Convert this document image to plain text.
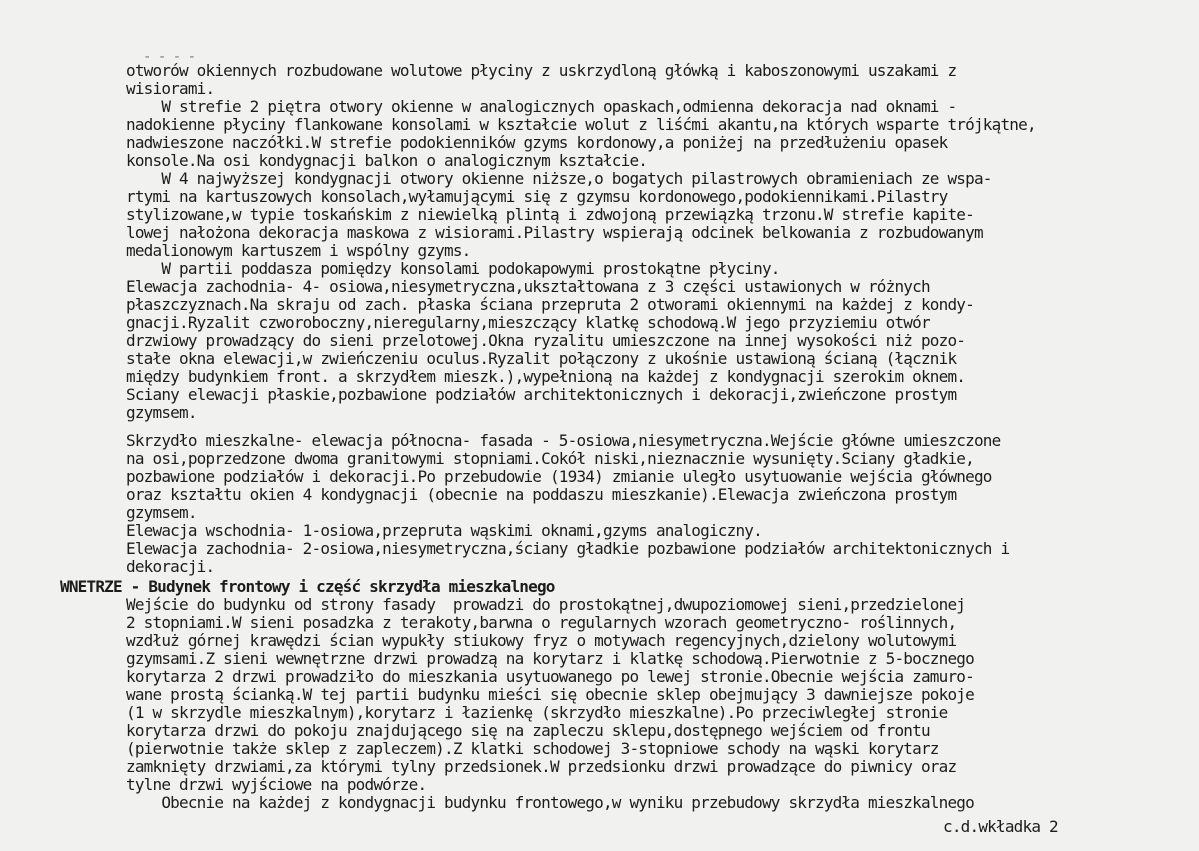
- - - -
otworów okiennych rozbudowane wolutowe płyciny z uskrzydloną główką i kaboszonowymi uszakami z
wisiorami.
W strefie 2 piętra otwory okienne w analogicznych opaskach,odmienna dekoracja nad oknami -
nadokienne płyciny flankowane konsolami w kształcie wolut z liśćmi akantu,na których wsparte trójkątne,
nadwieszone naczółki.W strefie podokienników gzyms kordonowy,a poniżej na przedłużeniu opasek
konsole.Na osi kondygnacji balkon o analogicznym kształcie.
W 4 najwyższej kondygnacji otwory okienne niższe,o bogatych pilastrowych obramieniach ze wspa-
rtymi na kartuszowych konsolach,wyłamującymi się z gzymsu kordonowego,podokiennikami.Pilastry
stylizowane,w typie toskańskim z niewielką plintą i zdwojoną przewiązką trzonu.W strefie kapite-
lowej nałożona dekoracja maskowa z wisiorami.Pilastry wspierają odcinek belkowania z rozbudowanym
medalionowym kartuszem i wspólny gzyms.
W partii poddasza pomiędzy konsolami podokapowymi prostokątne płyciny.
Elewacja zachodnia- 4- osiowa,niesymetryczna,ukształtowana z 3 części ustawionych w różnych
płaszczyznach.Na skraju od zach. płaska ściana przepruta 2 otworami okiennymi na każdej z kondy-
gnacji.Ryzalit czworoboczny,nieregularny,mieszczący klatkę schodową.W jego przyziemiu otwór
drzwiowy prowadzący do sieni przelotowej.Okna ryzalitu umieszczone na innej wysokości niż pozo-
stałe okna elewacji,w zwieńczeniu oculus.Ryzalit połączony z ukośnie ustawioną ścianą (łącznik
między budynkiem front. a skrzydłem mieszk.),wypełnioną na każdej z kondygnacji szerokim oknem.
Sciany elewacji płaskie,pozbawione podziałów architektonicznych i dekoracji,zwieńczone prostym
gzymsem.
Skrzydło mieszkalne- elewacja północna- fasada - 5-osiowa,niesymetryczna.Wejście główne umieszczone
na osi,poprzedzone dwoma granitowymi stopniami.Cokół niski,nieznacznie wysunięty.Sciany gładkie,
pozbawione podziałów i dekoracji.Po przebudowie (1934) zmianie uległo usytuowanie wejścia głównego
oraz kształtu okien 4 kondygnacji (obecnie na poddaszu mieszkanie).Elewacja zwieńczona prostym
gzymsem.
Elewacja wschodnia- 1-osiowa,przepruta wąskimi oknami,gzyms analogiczny.
Elewacja zachodnia- 2-osiowa,niesymetryczna,ściany gładkie pozbawione podziałów architektonicznych i
dekoracji.
WNETRZE - Budynek frontowy i część skrzydła mieszkalnego
Wejście do budynku od strony fasady  prowadzi do prostokątnej,dwupoziomowej sieni,przedzielonej
2 stopniami.W sieni posadzka z terakoty,barwna o regularnych wzorach geometryczno- roślinnych,
wzdłuż górnej krawędzi ścian wypukły stiukowy fryz o motywach regencyjnych,dzielony wolutowymi
gzymsami.Z sieni wewnętrzne drzwi prowadzą na korytarz i klatkę schodową.Pierwotnie z 5-bocznego
korytarza 2 drzwi prowadziło do mieszkania usytuowanego po lewej stronie.Obecnie wejścia zamuro-
wane prostą ścianką.W tej partii budynku mieści się obecnie sklep obejmujący 3 dawniejsze pokoje
(1 w skrzydle mieszkalnym),korytarz i łazienkę (skrzydło mieszkalne).Po przeciwległej stronie
korytarza drzwi do pokoju znajdującego się na zapleczu sklepu,dostępnego wejściem od frontu
(pierwotnie także sklep z zapleczem).Z klatki schodowej 3-stopniowe schody na wąski korytarz
zamknięty drzwiami,za którymi tylny przedsionek.W przedsionku drzwi prowadzące do piwnicy oraz
tylne drzwi wyjściowe na podwórze.
Obecnie na każdej z kondygnacji budynku frontowego,w wyniku przebudowy skrzydła mieszkalnego
c.d.wkładka 2
